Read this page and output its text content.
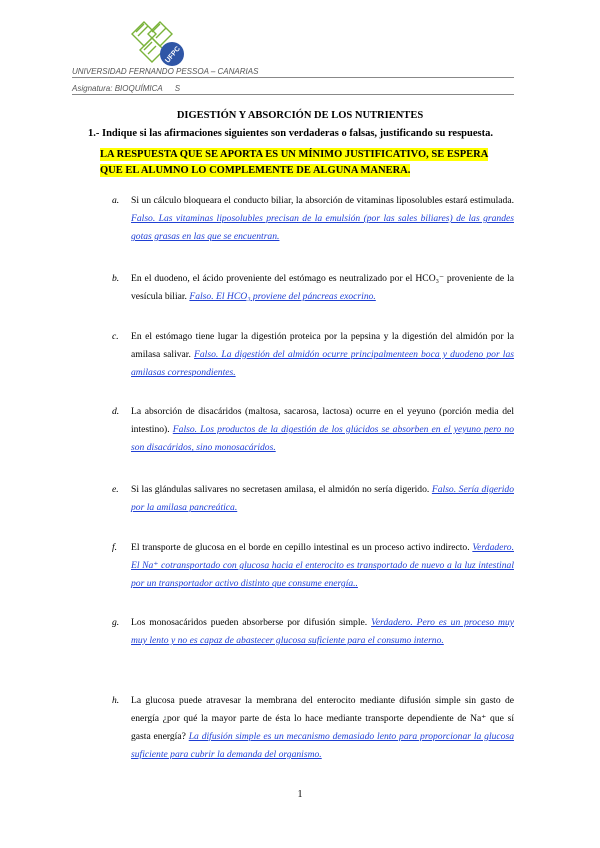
UFPC
UNIVERSIDAD FERNANDO PESSOA – CANARIAS
Asignatura: BIOQUÍMICA S
DIGESTIÓN Y ABSORCIÓN DE LOS NUTRIENTES
1.- Indique si las afirmaciones siguientes son verdaderas o falsas, justificando su respuesta.
LA RESPUESTA QUE SE APORTA ES UN MÍNIMO JUSTIFICATIVO, SE ESPERA
QUE EL ALUMNO LO COMPLEMENTE DE ALGUNA MANERA.
a. Si un cálculo bloqueara el conducto biliar, la absorción de vitaminas liposolubles estará estimulada. Falso. Las vitaminas liposolubles precisan de la emulsión (por las sales biliares) de las grandes gotas grasas en las que se encuentran.
b. En el duodeno, el ácido proveniente del estómago es neutralizado por el HCO₃⁻ proveniente de la vesícula biliar. Falso. El HCO₃ proviene del páncreas exocrino.
c. En el estómago tiene lugar la digestión proteica por la pepsina y la digestión del almidón por la amilasa salivar. Falso. La digestión del almidón ocurre principalmenteen boca y duodeno por las amilasas correspondientes.
d. La absorción de disacáridos (maltosa, sacarosa, lactosa) ocurre en el yeyuno (porción media del intestino). Falso. Los productos de la digestión de los glúcidos se absorben en el yeyuno pero no son disacáridos, sino monosacáridos.
e. Si las glándulas salivares no secretasen amilasa, el almidón no sería digerido. Falso. Sería digerido por la amilasa pancreática.
f. El transporte de glucosa en el borde en cepillo intestinal es un proceso activo indirecto. Verdadero. El Na⁺ cotransportado con glucosa hacia el enterocito es transportado de nuevo a la luz intestinal por un transportador activo distinto que consume energía..
g. Los monosacáridos pueden absorberse por difusión simple. Verdadero. Pero es un proceso muy muy lento y no es capaz de abastecer glucosa suficiente para el consumo interno.
h. La glucosa puede atravesar la membrana del enterocito mediante difusión simple sin gasto de energía ¿por qué la mayor parte de ésta lo hace mediante transporte dependiente de Na⁺ que sí gasta energía? La difusión simple es un mecanismo demasiado lento para proporcionar la glucosa suficiente para cubrir la demanda del organismo.
1
